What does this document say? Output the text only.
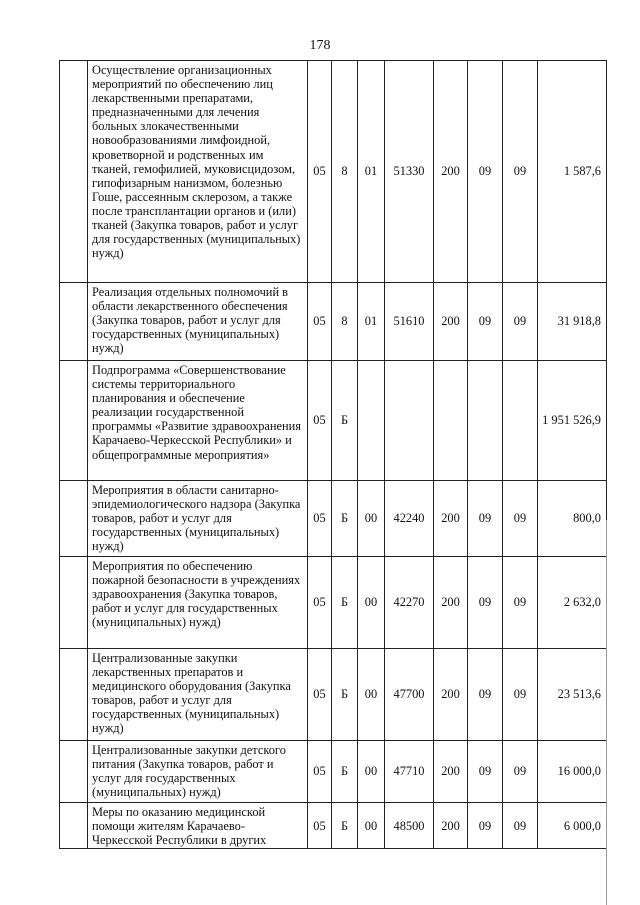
178
	Осуществление организационных мероприятий по обеспечению лиц лекарственными препаратами, предназначенными для лечения больных злокачественными новообразованиями лимфоидной, кроветворной и родственных им тканей, гемофилией, муковисцидозом, гипофизарным нанизмом, болезнью Гоше, рассеянным склерозом, а также после трансплантации органов и (или) тканей (Закупка товаров, работ и услуг для государственных (муниципальных) нужд)	05	8	01	51330	200	09	09	1 587,6
	Реализация отдельных полномочий в области лекарственного обеспечения (Закупка товаров, работ и услуг для государственных (муниципальных) нужд)	05	8	01	51610	200	09	09	31 918,8
	Подпрограмма «Совершенствование системы территориального планирования и обеспечение реализации государственной программы «Развитие здравоохранения Карачаево-Черкесской Республики» и общепрограммные мероприятия»	05	Б						1 951 526,9
	Мероприятия в области санитарно-эпидемиологического надзора (Закупка товаров, работ и услуг для государственных (муниципальных) нужд)	05	Б	00	42240	200	09	09	800,0
	Мероприятия по обеспечению пожарной безопасности в учреждениях здравоохранения (Закупка товаров, работ и услуг для государственных (муниципальных) нужд)	05	Б	00	42270	200	09	09	2 632,0
	Централизованные закупки лекарственных препаратов и медицинского оборудования (Закупка товаров, работ и услуг для государственных (муниципальных) нужд)	05	Б	00	47700	200	09	09	23 513,6
	Централизованные закупки детского питания (Закупка товаров, работ и услуг для государственных (муниципальных) нужд)	05	Б	00	47710	200	09	09	16 000,0
	Меры по оказанию медицинской помощи жителям Карачаево-Черкесской Республики в других	05	Б	00	48500	200	09	09	6 000,0
